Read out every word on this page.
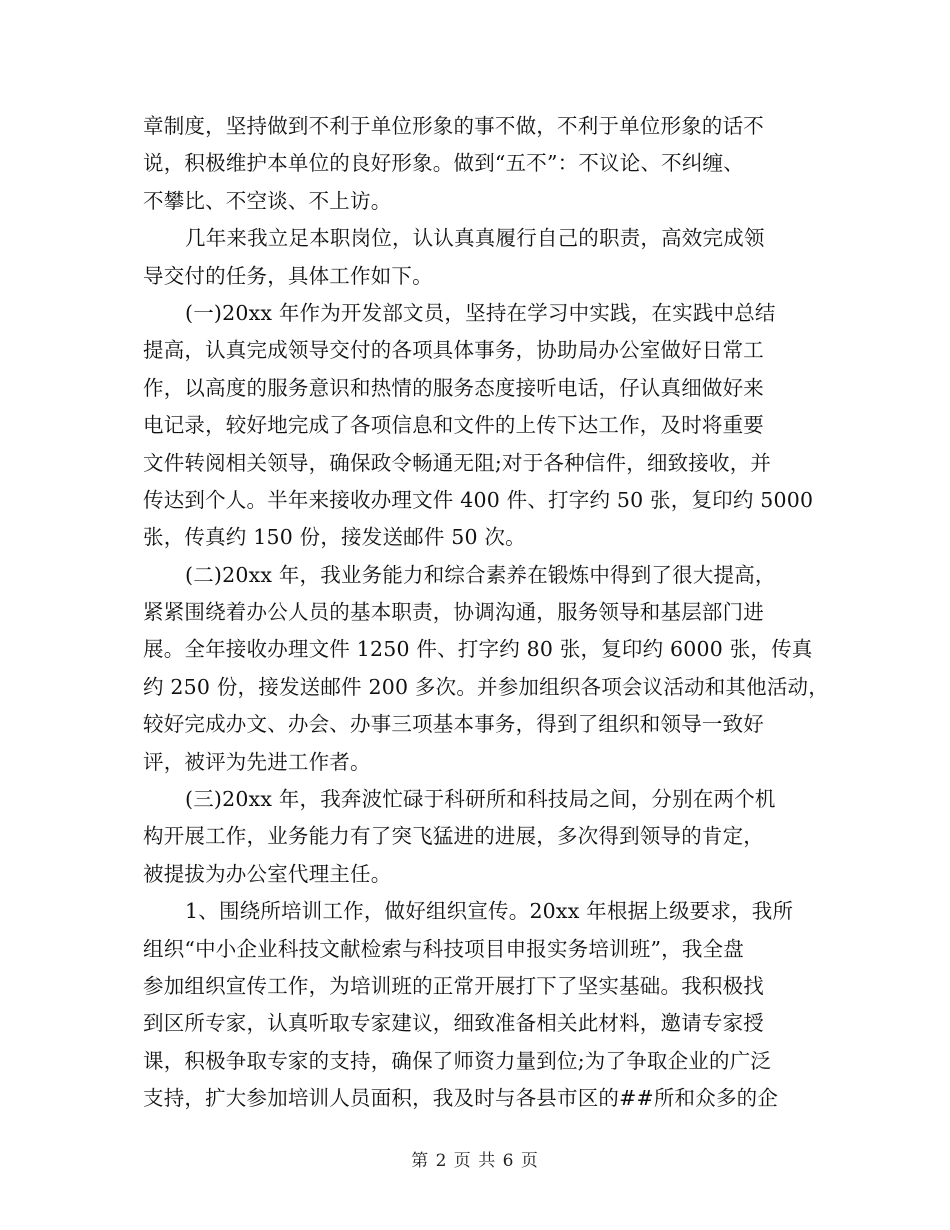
章制度，坚持做到不利于单位形象的事不做，不利于单位形象的话不
说，积极维护本单位的良好形象。做到“五不”：不议论、不纠缠、
不攀比、不空谈、不上访。
几年来我立足本职岗位，认认真真履行自己的职责，高效完成领
导交付的任务，具体工作如下。
(一)20xx 年作为开发部文员，坚持在学习中实践，在实践中总结
提高，认真完成领导交付的各项具体事务，协助局办公室做好日常工
作，以高度的服务意识和热情的服务态度接听电话，仔认真细做好来
电记录，较好地完成了各项信息和文件的上传下达工作，及时将重要
文件转阅相关领导，确保政令畅通无阻;对于各种信件，细致接收，并
传达到个人。半年来接收办理文件 400 件、打字约 50 张，复印约 5000
张，传真约 150 份，接发送邮件 50 次。
(二)20xx 年，我业务能力和综合素养在锻炼中得到了很大提高，
紧紧围绕着办公人员的基本职责，协调沟通，服务领导和基层部门进
展。全年接收办理文件 1250 件、打字约 80 张，复印约 6000 张，传真
约 250 份，接发送邮件 200 多次。并参加组织各项会议活动和其他活动，
较好完成办文、办会、办事三项基本事务，得到了组织和领导一致好
评，被评为先进工作者。
(三)20xx 年，我奔波忙碌于科研所和科技局之间，分别在两个机
构开展工作，业务能力有了突飞猛进的进展，多次得到领导的肯定，
被提拔为办公室代理主任。
1、围绕所培训工作，做好组织宣传。20xx 年根据上级要求，我所
组织“中小企业科技文献检索与科技项目申报实务培训班”，我全盘
参加组织宣传工作，为培训班的正常开展打下了坚实基础。我积极找
到区所专家，认真听取专家建议，细致准备相关此材料，邀请专家授
课，积极争取专家的支持，确保了师资力量到位;为了争取企业的广泛
支持，扩大参加培训人员面积，我及时与各县市区的##所和众多的企
第 2 页 共 6 页
